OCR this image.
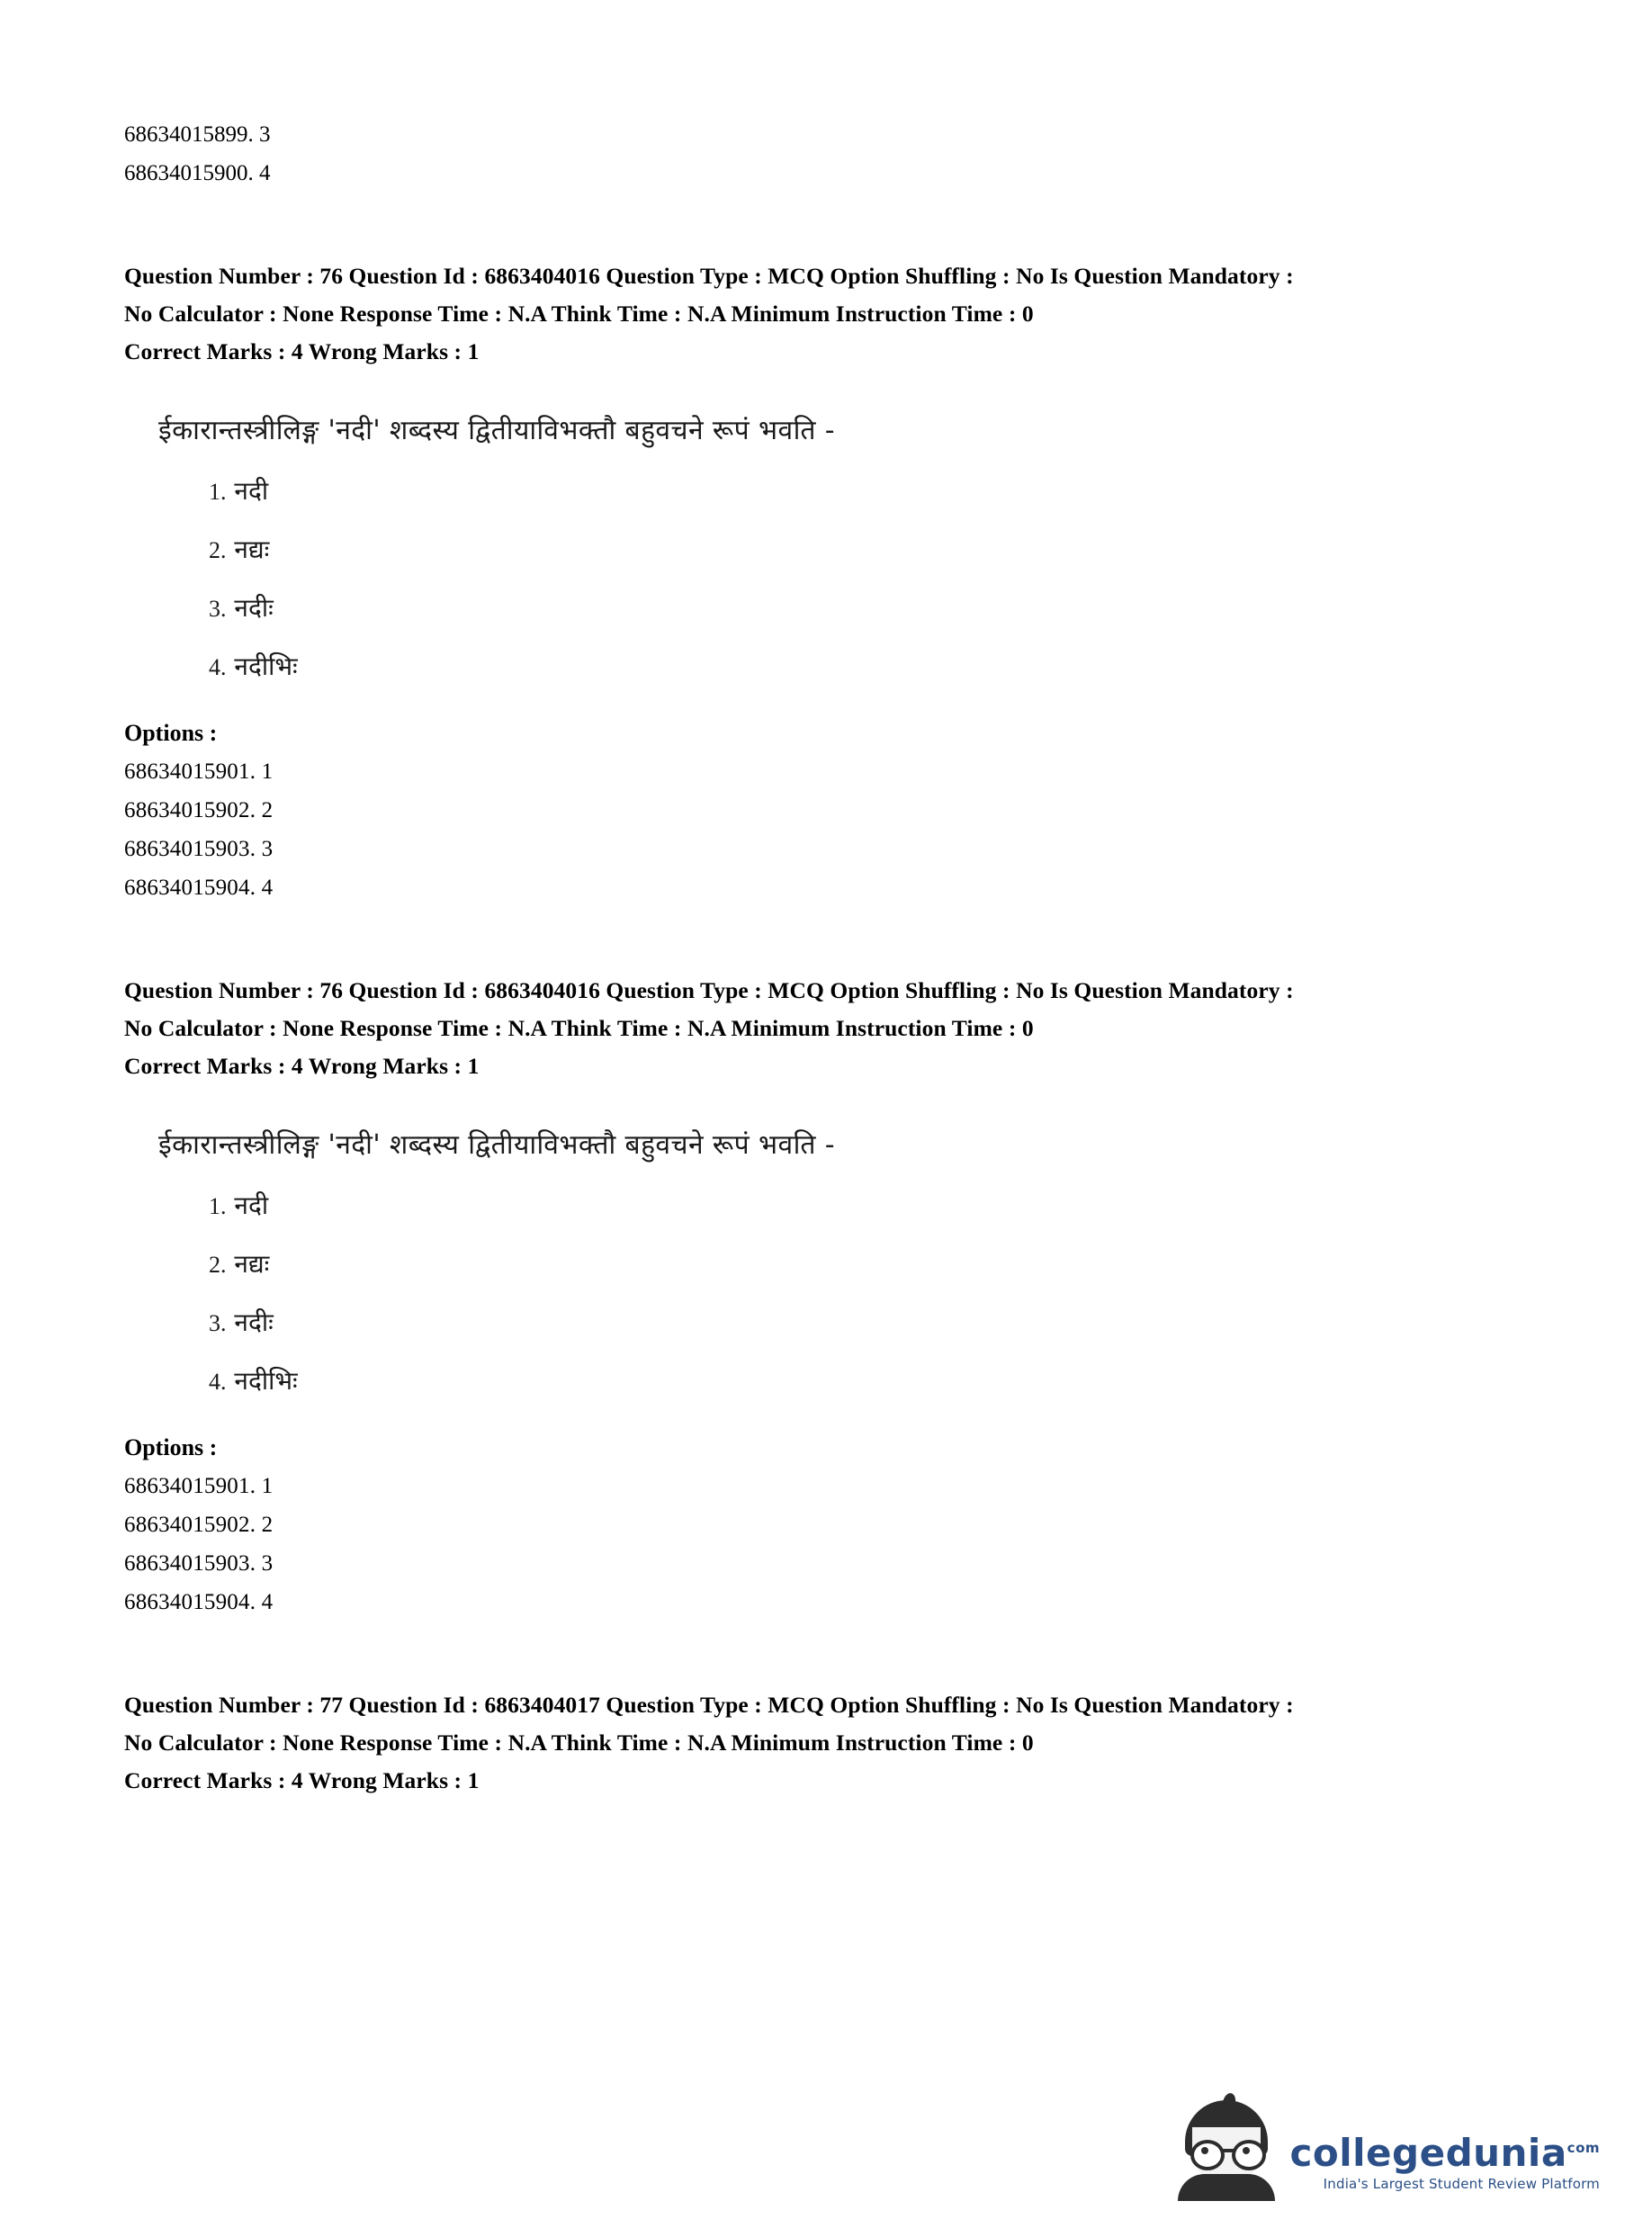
68634015899. 3
68634015900. 4
Question Number : 76 Question Id : 6863404016 Question Type : MCQ Option Shuffling : No Is Question Mandatory :
No Calculator : None Response Time : N.A Think Time : N.A Minimum Instruction Time : 0
Correct Marks : 4 Wrong Marks : 1
ईकारान्तस्त्रीलिङ्ग 'नदी' शब्दस्य द्वितीयाविभक्तौ बहुवचने रूपं भवति -
1. नदी
2. नद्यः
3. नदीः
4. नदीभिः
Options :
68634015901. 1
68634015902. 2
68634015903. 3
68634015904. 4
Question Number : 76 Question Id : 6863404016 Question Type : MCQ Option Shuffling : No Is Question Mandatory :
No Calculator : None Response Time : N.A Think Time : N.A Minimum Instruction Time : 0
Correct Marks : 4 Wrong Marks : 1
ईकारान्तस्त्रीलिङ्ग 'नदी' शब्दस्य द्वितीयाविभक्तौ बहुवचने रूपं भवति -
1. नदी
2. नद्यः
3. नदीः
4. नदीभिः
Options :
68634015901. 1
68634015902. 2
68634015903. 3
68634015904. 4
Question Number : 77 Question Id : 6863404017 Question Type : MCQ Option Shuffling : No Is Question Mandatory :
No Calculator : None Response Time : N.A Think Time : N.A Minimum Instruction Time : 0
Correct Marks : 4 Wrong Marks : 1
collegedunia$^{com}$
India's Largest Student Review Platform
